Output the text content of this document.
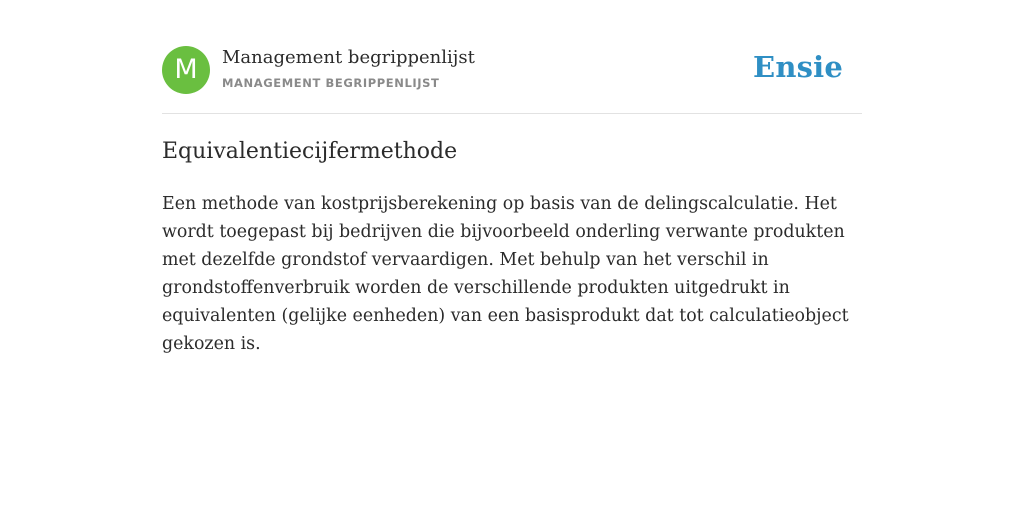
M	Management begrippenlijst
MANAGEMENT BEGRIPPENLIJST	Ensie
Equivalentiecijfermethode

Een methode van kostprijsberekening op basis van de delingscalculatie. Het wordt toegepast bij bedrijven die bijvoorbeeld onderling verwante produkten met dezelfde grondstof vervaardigen. Met behulp van het verschil in grondstoffenverbruik worden de verschillende produkten uitgedrukt in equivalenten (gelijke eenheden) van een basisprodukt dat tot calculatieobject gekozen is.
